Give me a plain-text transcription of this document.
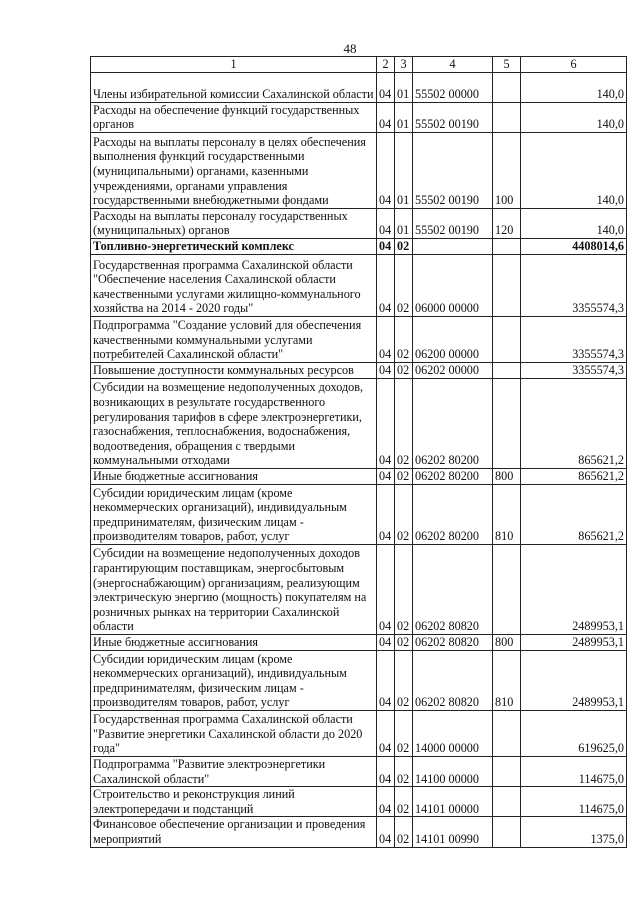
48
1	2	3	4	5	6
Члены избирательной комиссии Сахалинской области	04	01	55502 00000		140,0
Расходы на обеспечение функций государственных органов	04	01	55502 00190		140,0
Расходы на выплаты персоналу в целях обеспечения выполнения функций государственными (муниципальными) органами, казенными учреждениями, органами управления государственными внебюджетными фондами	04	01	55502 00190	100	140,0
Расходы на выплаты персоналу государственных (муниципальных) органов	04	01	55502 00190	120	140,0
Топливно-энергетический комплекс	04	02			4408014,6
Государственная программа Сахалинской области "Обеспечение населения Сахалинской области качественными услугами жилищно-коммунального хозяйства на 2014 - 2020 годы"	04	02	06000 00000		3355574,3
Подпрограмма "Создание условий для обеспечения качественными коммунальными услугами потребителей Сахалинской области"	04	02	06200 00000		3355574,3
Повышение доступности коммунальных ресурсов	04	02	06202 00000		3355574,3
Субсидии на возмещение недополученных доходов, возникающих в результате государственного регулирования тарифов в сфере электроэнергетики, газоснабжения, теплоснабжения, водоснабжения, водоотведения, обращения с твердыми коммунальными отходами	04	02	06202 80200		865621,2
Иные бюджетные ассигнования	04	02	06202 80200	800	865621,2
Субсидии юридическим лицам (кроме некоммерческих организаций), индивидуальным предпринимателям, физическим лицам - производителям товаров, работ, услуг	04	02	06202 80200	810	865621,2
Субсидии на возмещение недополученных доходов гарантирующим поставщикам, энергосбытовым (энергоснабжающим) организациям, реализующим электрическую энергию (мощность) покупателям на розничных рынках на территории Сахалинской области	04	02	06202 80820		2489953,1
Иные бюджетные ассигнования	04	02	06202 80820	800	2489953,1
Субсидии юридическим лицам (кроме некоммерческих организаций), индивидуальным предпринимателям, физическим лицам - производителям товаров, работ, услуг	04	02	06202 80820	810	2489953,1
Государственная программа Сахалинской области "Развитие энергетики Сахалинской области до 2020 года"	04	02	14000 00000		619625,0
Подпрограмма "Развитие электроэнергетики Сахалинской области"	04	02	14100 00000		114675,0
Строительство и реконструкция линий электропередачи и подстанций	04	02	14101 00000		114675,0
Финансовое обеспечение организации и проведения мероприятий	04	02	14101 00990		1375,0
